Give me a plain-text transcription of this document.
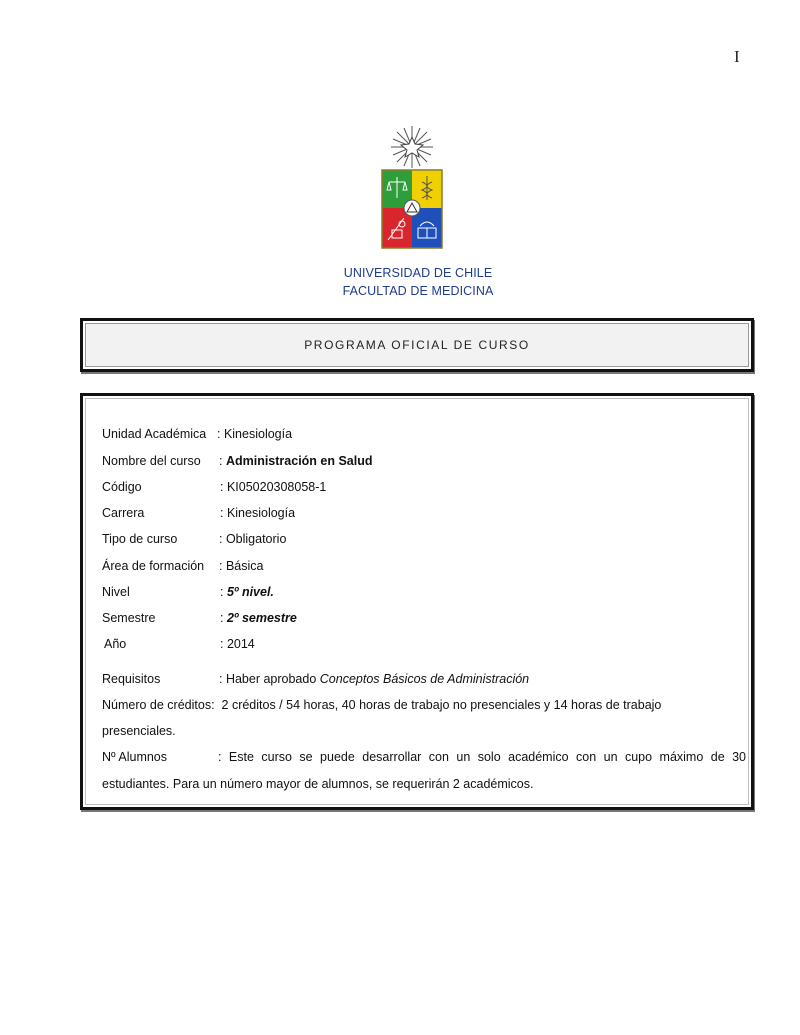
I
UNIVERSIDAD DE CHILE
FACULTAD DE MEDICINA
PROGRAMA OFICIAL DE CURSO
Unidad Académica : Kinesiología
Nombre del curso : Administración en Salud
Código	: KI05020308058-1
Carrera	: Kinesiología
Tipo de curso	: Obligatorio
Área de formación : Básica
Nivel	: 5º nivel.
Semestre	: 2º semestre
Año	: 2014
Requisitos	: Haber aprobado Conceptos Básicos de Administración
Número de créditos: 2 créditos / 54 horas, 40 horas de trabajo no presenciales y 14 horas de trabajo
presenciales.
Nº Alumnos	: Este curso se puede desarrollar con un solo académico con un cupo máximo de 30
estudiantes. Para un número mayor de alumnos, se requerirán 2 académicos.
